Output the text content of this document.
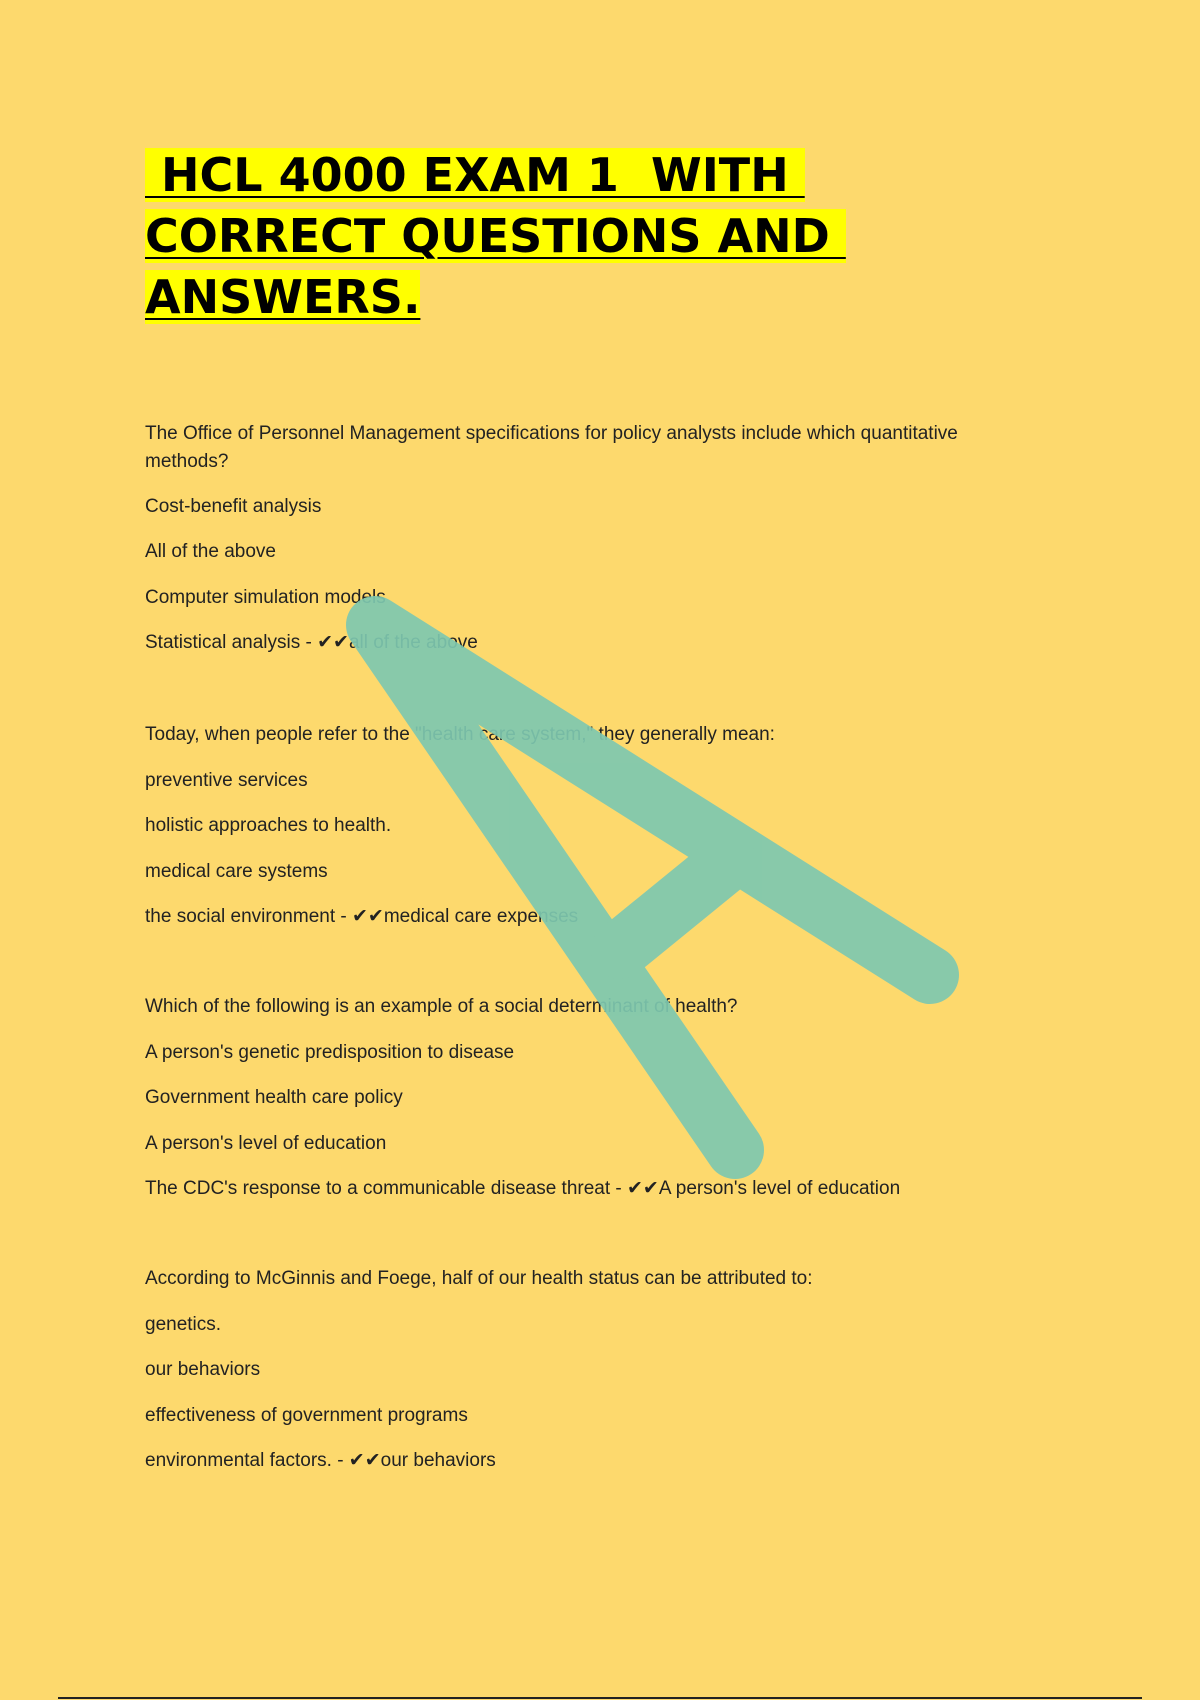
HCL 4000 EXAM 1  WITH
CORRECT QUESTIONS AND
ANSWERS.

The Office of Personnel Management specifications for policy analysts include which quantitative methods?

Cost-benefit analysis

All of the above

Computer simulation models

Statistical analysis - ✔✔all of the above

Today, when people refer to the "health care system," they generally mean:

preventive services

holistic approaches to health.

medical care systems

the social environment - ✔✔medical care expenses

Which of the following is an example of a social determinant of health?

A person's genetic predisposition to disease

Government health care policy

A person's level of education

The CDC's response to a communicable disease threat - ✔✔A person's level of education

According to McGinnis and Foege, half of our health status can be attributed to:

genetics.

our behaviors

effectiveness of government programs

environmental factors. - ✔✔our behaviors
